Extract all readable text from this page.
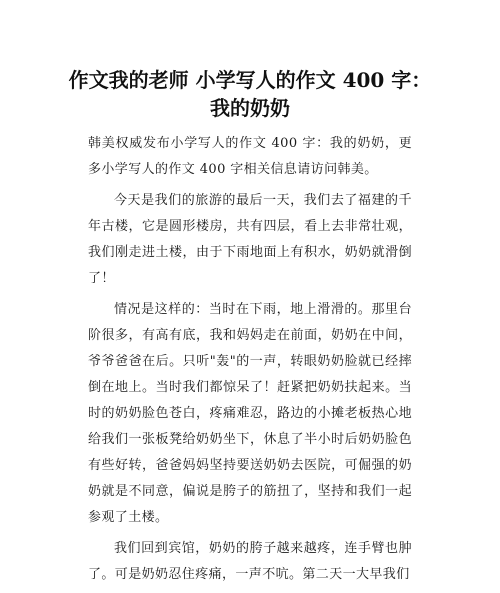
作文我的老师 小学写人的作文 400 字：
我的奶奶

韩美权威发布小学写人的作文 400 字：我的奶奶，更多小学写人的作文 400 字相关信息请访问韩美。

今天是我们的旅游的最后一天，我们去了福建的千年古楼，它是圆形楼房，共有四层，看上去非常壮观，我们刚走进土楼，由于下雨地面上有积水，奶奶就滑倒了！

情况是这样的：当时在下雨，地上滑滑的。那里台阶很多，有高有底，我和妈妈走在前面，奶奶在中间，爷爷爸爸在后。只听"轰"的一声，转眼奶奶脸就已经摔倒在地上。当时我们都惊呆了！赶紧把奶奶扶起来。当时的奶奶脸色苍白，疼痛难忍，路边的小摊老板热心地给我们一张板凳给奶奶坐下，休息了半小时后奶奶脸色有些好转，爸爸妈妈坚持要送奶奶去医院，可倔强的奶奶就是不同意，偏说是胯子的筋扭了，坚持和我们一起参观了土楼。

我们回到宾馆，奶奶的胯子越来越疼，连手臂也肿了。可是奶奶忍住疼痛，一声不吭。第二天一大早我们
